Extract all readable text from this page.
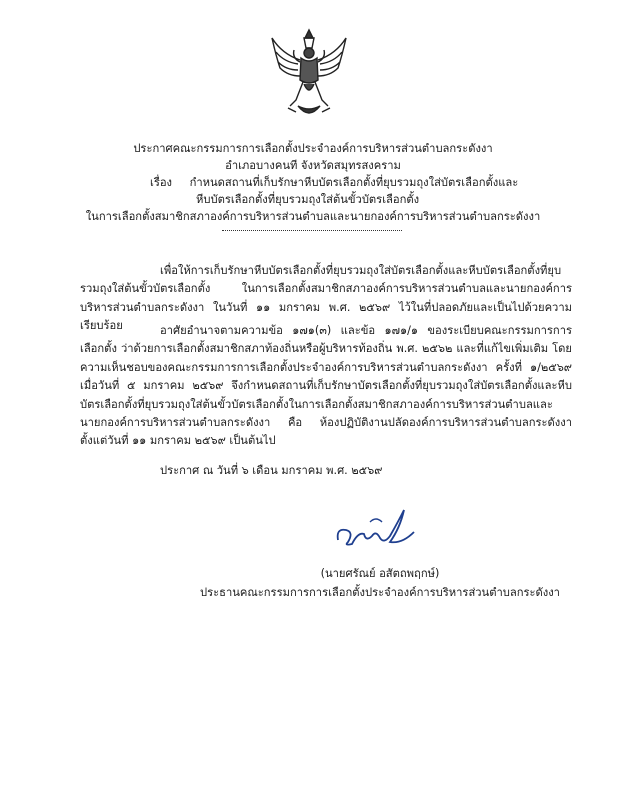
ประกาศคณะกรรมการการเลือกตั้งประจำองค์การบริหารส่วนตำบลกระดังงา
อำเภอบางคนที จังหวัดสมุทรสงคราม
เรื่อง กำหนดสถานที่เก็บรักษาหีบบัตรเลือกตั้งที่ยุบรวมถุงใส่บัตรเลือกตั้งและ
หีบบัตรเลือกตั้งที่ยุบรวมถุงใส่ต้นขั้วบัตรเลือกตั้ง
ในการเลือกตั้งสมาชิกสภาองค์การบริหารส่วนตำบลและนายกองค์การบริหารส่วนตำบลกระดังงา
เพื่อให้การเก็บรักษาหีบบัตรเลือกตั้งที่ยุบรวมถุงใส่บัตรเลือกตั้งและหีบบัตรเลือกตั้งที่ยุบรวมถุงใส่ต้นขั้วบัตรเลือกตั้ง ในการเลือกตั้งสมาชิกสภาองค์การบริหารส่วนตำบลและนายกองค์การบริหารส่วนตำบลกระดังงา ในวันที่ ๑๑ มกราคม พ.ศ. ๒๕๖๙ ไว้ในที่ปลอดภัยและเป็นไปด้วยความเรียบร้อย	อาศัยอำนาจตามความข้อ ๑๗๑(๓) และข้อ ๑๗๑/๑ ของระเบียบคณะกรรมการการเลือกตั้ง ว่าด้วยการเลือกตั้งสมาชิกสภาท้องถิ่นหรือผู้บริหารท้องถิ่น พ.ศ. ๒๕๖๒ และที่แก้ไขเพิ่มเติม โดยความเห็นชอบของคณะกรรมการการเลือกตั้งประจำองค์การบริหารส่วนตำบลกระดังงา ครั้งที่ ๑/๒๕๖๙ เมื่อวันที่ ๕ มกราคม ๒๕๖๙ จึงกำหนดสถานที่เก็บรักษาบัตรเลือกตั้งที่ยุบรวมถุงใส่บัตรเลือกตั้งและหีบบัตรเลือกตั้งที่ยุบรวมถุงใส่ต้นขั้วบัตรเลือกตั้งในการเลือกตั้งสมาชิกสภาองค์การบริหารส่วนตำบลและนายกองค์การบริหารส่วนตำบลกระดังงา คือ ห้องปฏิบัติงานปลัดองค์การบริหารส่วนตำบลกระดังงา ตั้งแต่วันที่ ๑๑ มกราคม ๒๕๖๙ เป็นต้นไป
ประกาศ ณ วันที่ ๖ เดือน มกราคม พ.ศ. ๒๕๖๙
(นายศรัณย์ อสัตถพฤกษ์)
ประธานคณะกรรมการการเลือกตั้งประจำองค์การบริหารส่วนตำบลกระดังงา
